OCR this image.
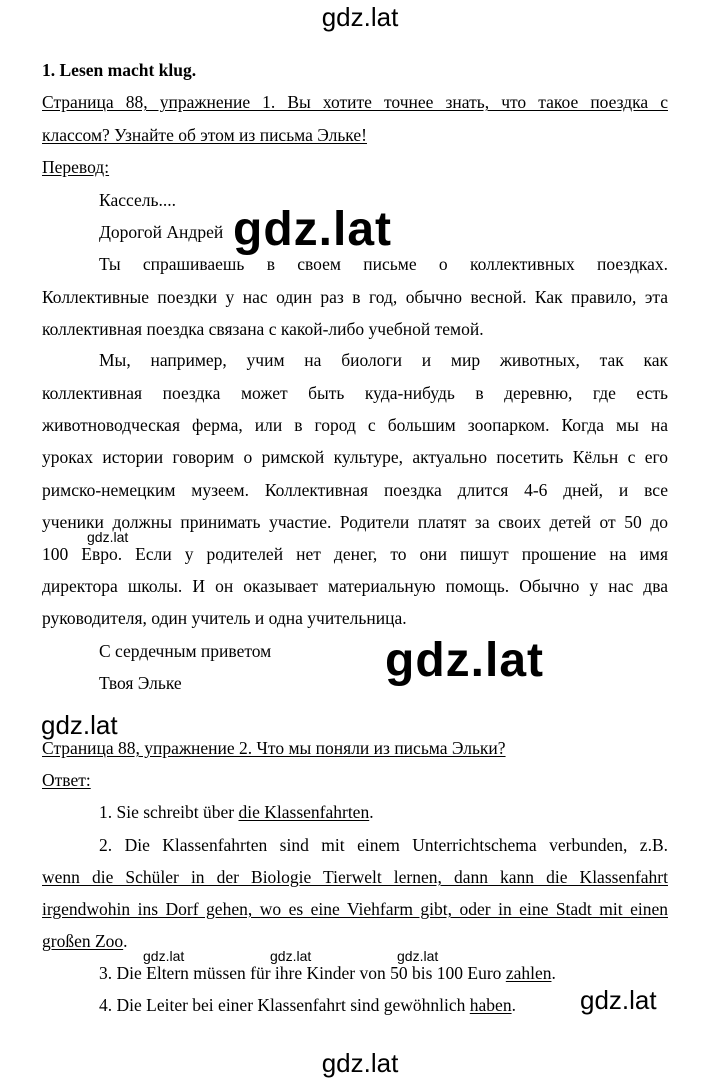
gdz.lat
1. Lesen macht klug.
Страница 88, упражнение 1. Вы хотите точнее знать, что такое поездка с
классом? Узнайте об этом из письма Эльке!
Перевод:
Кассель....
Дорогой Андрей
Ты спрашиваешь в своем письме о коллективных поездках.
Коллективные поездки у нас один раз в год, обычно весной. Как правило, эта
коллективная поездка связана с какой-либо учебной темой.
Мы, например, учим на биологи и мир животных, так как
коллективная поездка может быть куда-нибудь в деревню, где есть
животноводческая ферма, или в город с большим зоопарком. Когда мы на
уроках истории говорим о римской культуре, актуально посетить Кёльн с его
римско-немецким музеем. Коллективная поездка длится 4-6 дней, и все
ученики должны принимать участие. Родители платят за своих детей от 50 до
100 Евро. Если у родителей нет денег, то они пишут прошение на имя
директора школы. И он оказывает материальную помощь. Обычно у нас два
руководителя, один учитель и одна учительница.
С сердечным приветом
Твоя Эльке
Страница 88, упражнение 2. Что мы поняли из письма Эльки?
Ответ:
1. Sie schreibt über die Klassenfahrten.
2. Die Klassenfahrten sind mit einem Unterrichtschema verbunden, z.B.
wenn die Schüler in der Biologie Tierwelt lernen, dann kann die Klassenfahrt
irgendwohin ins Dorf gehen, wo es eine Viehfarm gibt, oder in eine Stadt mit einen
großen Zoo.
3. Die Eltern müssen für ihre Kinder von 50 bis 100 Euro zahlen.
4. Die Leiter bei einer Klassenfahrt sind gewöhnlich haben.
gdz.lat
gdz.lat
gdz.lat
gdz.lat
gdz.lat	gdz.lat	gdz.lat
gdz.lat
gdz.lat
